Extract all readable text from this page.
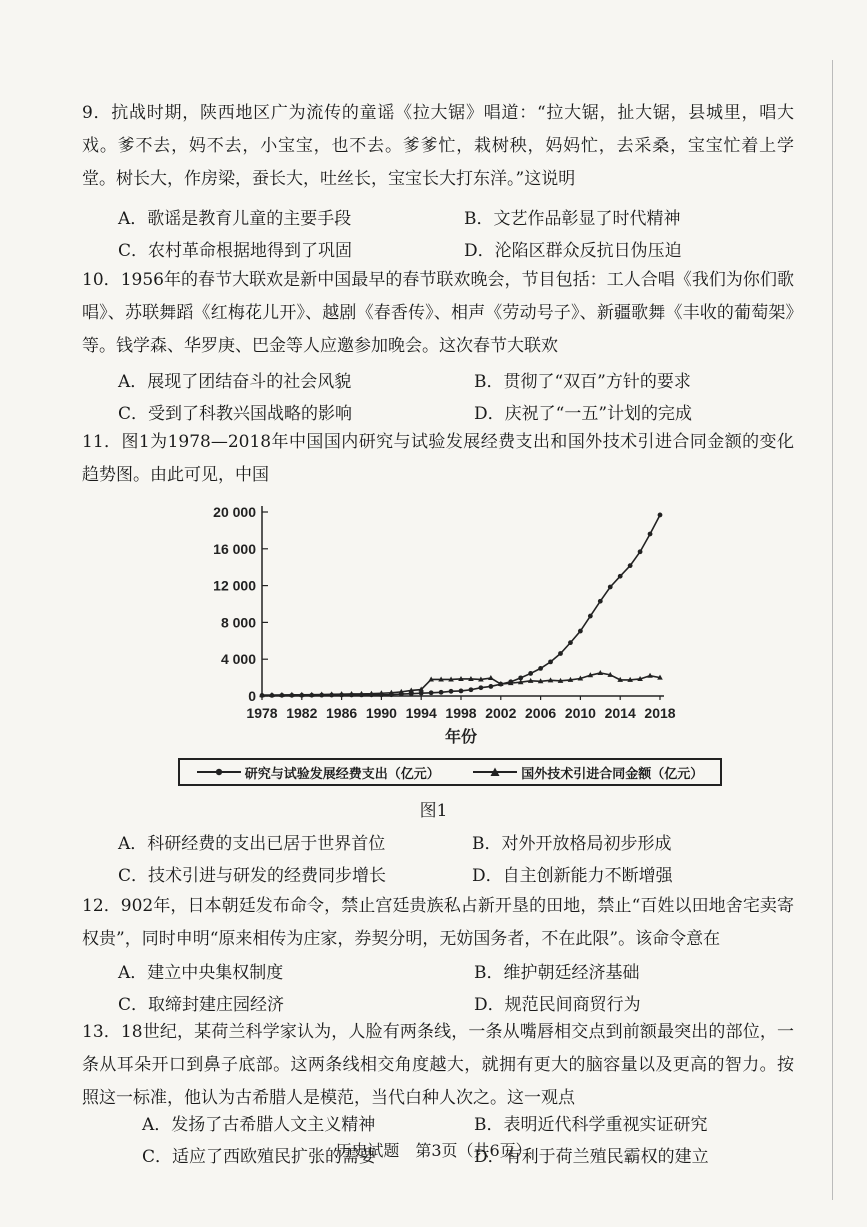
9．抗战时期，陕西地区广为流传的童谣《拉大锯》唱道：“拉大锯，扯大锯，县城里，唱大戏。爹不去，妈不去，小宝宝，也不去。爹爹忙，栽树秧，妈妈忙，去采桑，宝宝忙着上学堂。树长大，作房梁，蚕长大，吐丝长，宝宝长大打东洋。”这说明

A．歌谣是教育儿童的主要手段	B．文艺作品彰显了时代精神
C．农村革命根据地得到了巩固	D．沦陷区群众反抗日伪压迫

10．1956年的春节大联欢是新中国最早的春节联欢晚会，节目包括：工人合唱《我们为你们歌唱》、苏联舞蹈《红梅花儿开》、越剧《春香传》、相声《劳动号子》、新疆歌舞《丰收的葡萄架》等。钱学森、华罗庚、巴金等人应邀参加晚会。这次春节大联欢

A．展现了团结奋斗的社会风貌	B．贯彻了“双百”方针的要求
C．受到了科教兴国战略的影响	D．庆祝了“一五”计划的完成

11．图1为1978—2018年中国国内研究与试验发展经费支出和国外技术引进合同金额的变化趋势图。由此可见，中国

0
4 000
8 000
12 000
16 000
20 000
1978 1982 1986 1990 1994 1998 2002 2006 2010 2014 2018
年份
研究与试验发展经费支出（亿元）	国外技术引进合同金额（亿元）
图1
A．科研经费的支出已居于世界首位	B．对外开放格局初步形成
C．技术引进与研发的经费同步增长	D．自主创新能力不断增强

12．902年，日本朝廷发布命令，禁止宫廷贵族私占新开垦的田地，禁止“百姓以田地舍宅卖寄权贵”，同时申明“原来相传为庄家，券契分明，无妨国务者，不在此限”。该命令意在

A．建立中央集权制度	B．维护朝廷经济基础
C．取缔封建庄园经济	D．规范民间商贸行为

13．18世纪，某荷兰科学家认为，人脸有两条线，一条从嘴唇相交点到前额最突出的部位，一条从耳朵开口到鼻子底部。这两条线相交角度越大，就拥有更大的脑容量以及更高的智力。按照这一标准，他认为古希腊人是模范，当代白种人次之。这一观点

A．发扬了古希腊人文主义精神	B．表明近代科学重视实证研究
C．适应了西欧殖民扩张的需要	D．有利于荷兰殖民霸权的建立
历史试题　第3页（共6页）
